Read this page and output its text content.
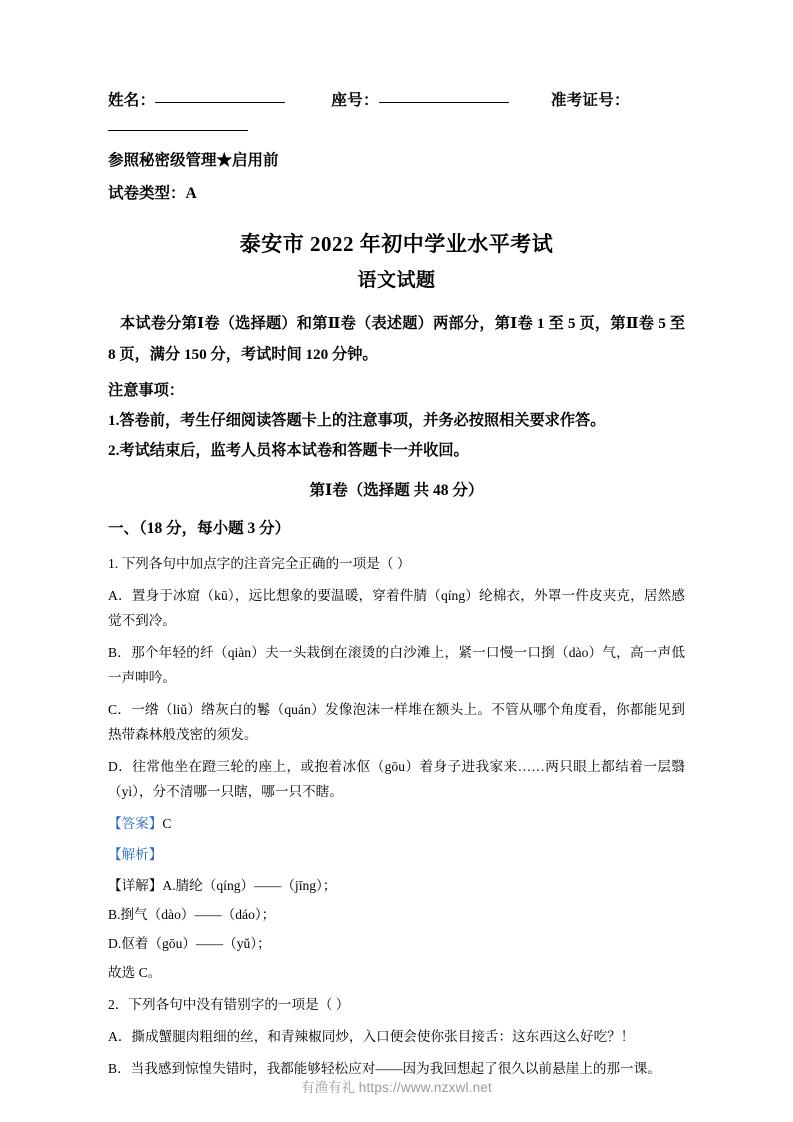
姓名：	座号：	准考证号：
参照秘密级管理★启用前
试卷类型：A
泰安市 2022 年初中学业水平考试
语文试题
本试卷分第Ⅰ卷（选择题）和第Ⅱ卷（表述题）两部分，第Ⅰ卷 1 至 5 页，第Ⅱ卷 5 至 8 页，满分 150 分，考试时间 120 分钟。
注意事项：
1.答卷前，考生仔细阅读答题卡上的注意事项，并务必按照相关要求作答。
2.考试结束后，监考人员将本试卷和答题卡一并收回。
第Ⅰ卷（选择题 共 48 分）
一、（18 分，每小题 3 分）
1. 下列各句中加点字的注音完全正确的一项是（ ）
A．置身于冰窟（kū），远比想象的要温暖，穿着件腈（qíng）纶棉衣，外罩一件皮夹克，居然感觉不到冷。
B．那个年轻的纤（qiàn）夫一头栽倒在滚烫的白沙滩上，紧一口慢一口捯（dào）气，高一声低一声呻吟。
C．一绺（liǔ）绺灰白的鬈（quán）发像泡沫一样堆在额头上。不管从哪个角度看，你都能见到热带森林般茂密的须发。
D．往常他坐在蹬三轮的座上，或抱着冰伛（gōu）着身子进我家来……两只眼上都结着一层翳（yì），分不清哪一只瞎，哪一只不瞎。
【答案】C
【解析】
【详解】A.腈纶（qíng）——（jīng）；
B.捯气（dào）——（dáo）；
D.伛着（gōu）——（yǔ）；
故选 C。
2．下列各句中没有错别字的一项是（ ）
A．撕成蟹腿肉粗细的丝，和青辣椒同炒，入口便会使你张目接舌：这东西这么好吃？！
B．当我感到惊惶失错时，我都能够轻松应对——因为我回想起了很久以前悬崖上的那一课。
有渔有礼 https://www.nzxwl.net
